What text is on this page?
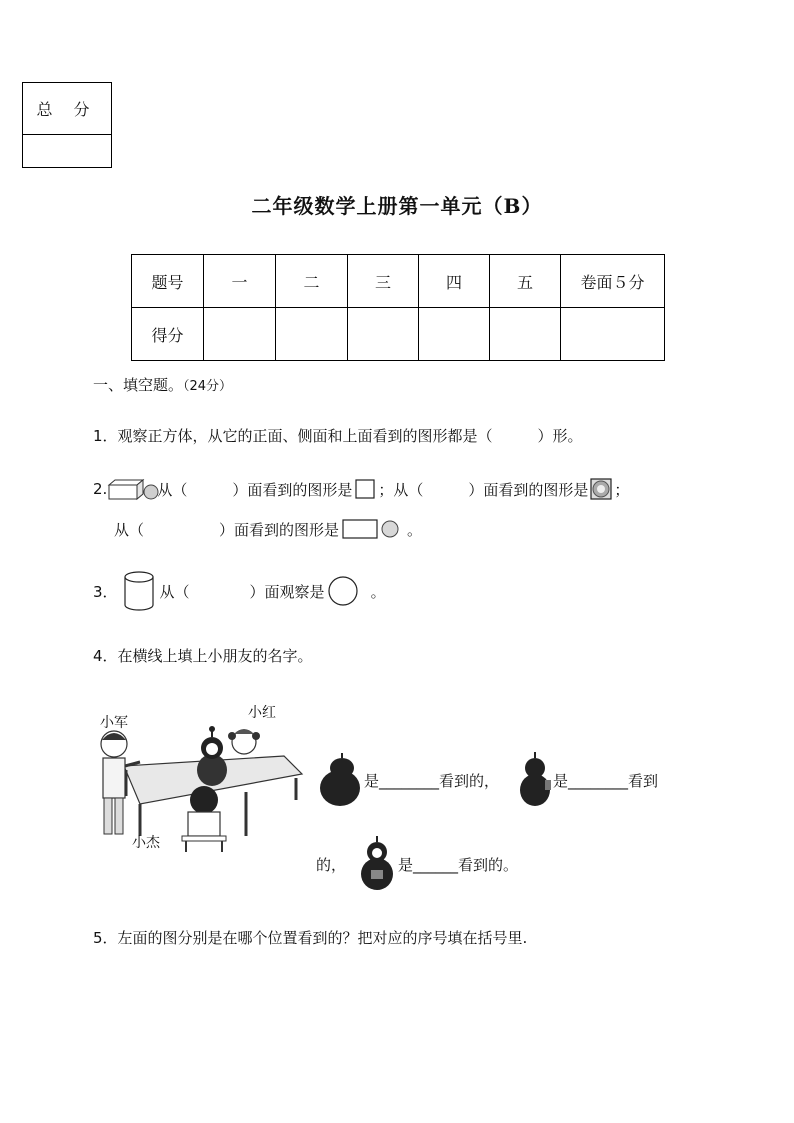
总 分
二年级数学上册第一单元（B）
题号	一	二	三	四	五	卷面５分
得分						
一、填空题。（24分）
1．观察正方体，从它的正面、侧面和上面看到的图形都是（　　　）形。
2.	从（　　　）面看到的图形是 ；从（　　　）面看到的图形是 ；
从（　　　　　）面看到的图形是	。
3．	从（　　　　）面观察是	。
4．在横线上填上小朋友的名字。
小军
小红
小杰
是________看到的，	是________看到
的，	是______看到的。
5．左面的图分别是在哪个位置看到的？把对应的序号填在括号里.
